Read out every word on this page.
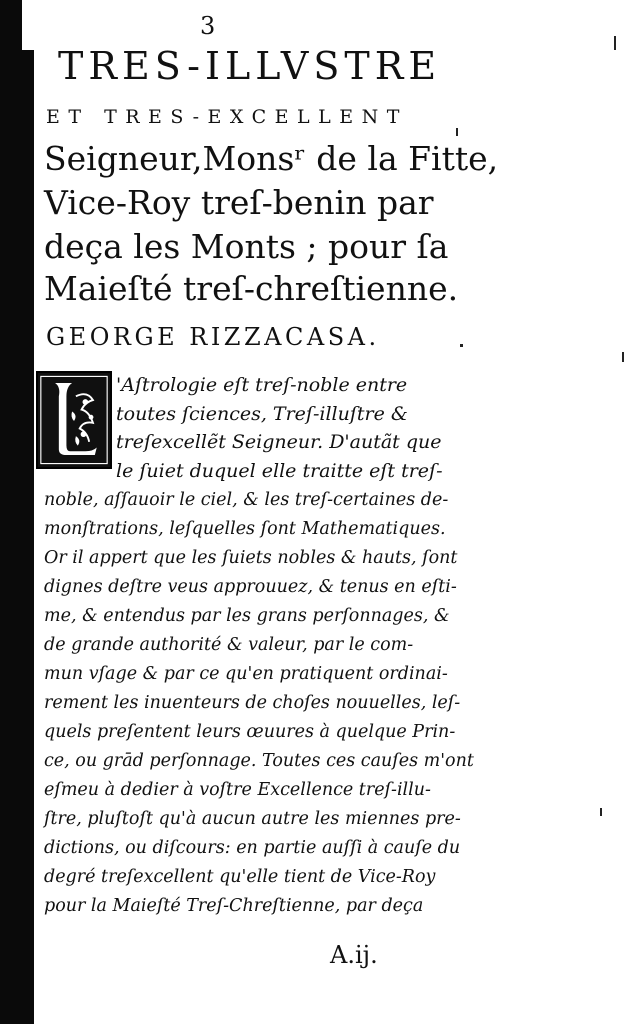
3
TRES-ILLVSTRE
ET TRES-EXCELLENT
Seigneur,Monsʳ de la Fitte,
Vice-Roy treſ-benin par
deça les Monts ; pour ſa
Maieſté treſ-chreſtienne.
GEORGE RIZZACASA.
'Aſtrologie eſt treſ-noble entre
toutes ſciences, Treſ-illuſtre &
treſexcellẽt Seigneur. D'autãt que
le ſuiet duquel elle traitte eſt treſ-
noble, aſſauoir le ciel, & les treſ-certaines de-
monſtrations, leſquelles ſont Mathematiques.
Or il appert que les ſuiets nobles & hauts, ſont
dignes deſtre veus approuuez, & tenus en eſti-
me, & entendus par les grans perſonnages, &
de grande authorité & valeur, par le com-
mun vſage & par ce qu'en pratiquent ordinai-
rement les inuenteurs de choſes nouuelles, leſ-
quels preſentent leurs œuures à quelque Prin-
ce, ou grād perſonnage. Toutes ces cauſes m'ont
eſmeu à dedier à voſtre Excellence treſ-illu-
ſtre, pluſtoſt qu'à aucun autre les miennes pre-
dictions, ou diſcours: en partie auſſi à cauſe du
degré treſexcellent qu'elle tient de Vice-Roy
pour la Maieſté Treſ-Chreſtienne, par deça
A.ij.
